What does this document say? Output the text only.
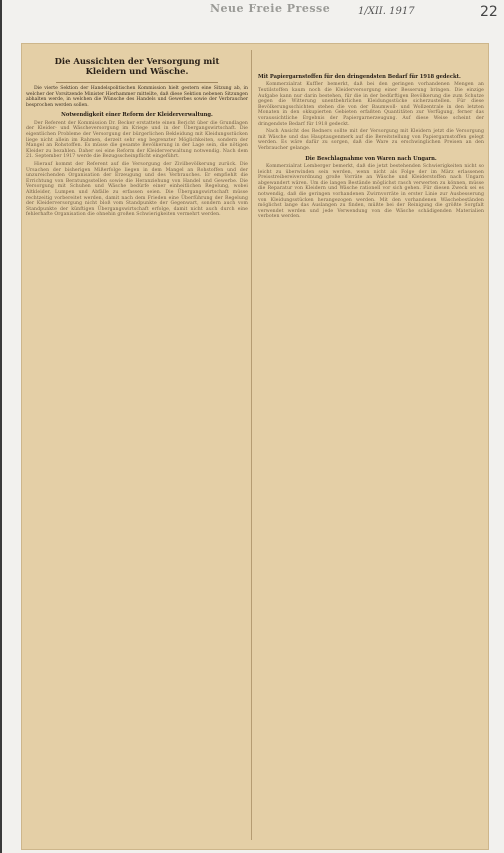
Neue Freie Presse	1/XII. 1917	22
Die Aussichten der Versorgung mit Kleidern und Wäsche.

Die vierte Sektion der Handelspolitischen Kommission hielt gestern eine Sitzung ab, in welcher der Vorsitzende Minister Hierhammer mitteilte, daß diese Sektion nebenen Sitzungen abhalten werde, in welchen die Wünsche des Handels und Gewerbes sowie der Verbraucher besprochen werden sollen.

Notwendigkeit einer Reform der Kleiderverwaltung.

Der Referent der Kommission Dr. Becker erstattete einen Bericht über die Grundlagen der Kleider- und Wäscheversorgung im Kriege und in der Übergangswirtschaft. Die eigentlichen Probleme der Versorgung der bürgerlichen Bekleidung mit Kleidungsstücken liege nicht allein im Rahmen, derzeit sehr eng begrenzter Möglichkeiten, sondern der Mangel an Rohstoffen. Es müsse die gesamte Bevölkerung in der Lage sein, die nötigen Kleider zu bezahlen. Daher sei eine Reform der Kleiderverwaltung notwendig. Nach dem 21. September 1917 werde die Bezugsscheinpflicht eingeführt.

Hierauf kommt der Referent auf die Versorgung der Zivilbevölkerung zurück. Die Ursachen der bisherigen Mißerfolge liegen in dem Mangel an Rohstoffen und der unzureichenden Organisation der Erzeugung und des Verbrauches. Er empfiehlt die Errichtung von Beratungsstellen sowie die Heranziehung von Handel und Gewerbe. Die Versorgung mit Schuhen und Wäsche bedürfe einer einheitlichen Regelung, wobei Altkleider, Lumpen und Abfälle zu erfassen seien. Die Übergangswirtschaft müsse rechtzeitig vorbereitet werden, damit nach dem Frieden eine Überführung der Regelung der Kleiderversorgung nicht bloß vom Standpunkte der Gegenwart, sondern auch vom Standpunkte der künftigen Übergangswirtschaft erfolge, damit nicht auch durch eine fehlerhafte Organisation die ohnehin großen Schwierigkeiten vermehrt werden.

Mit Papiergarnstoffen für den dringendsten Bedarf für 1918 gedeckt.

Kommerzialrat Kuffler bemerkt, daß bei den geringen vorhandenen Mengen an Textilstoffen kaum noch die Kleiderversorgung einer Besserung bringen. Die einzige Aufgabe kann nur darin bestehen, für die in der bedürftigen Bevölkerung die zum Schutze gegen die Witterung unentbehrlichen Kleidungsstücke sicherzustellen. Für diese Bevölkerungsschichten stehen die von der Baumwoll- und Wollzentrale in den letzten Monaten in den okkupierten Gebieten erfaßten Quantitäten zur Verfügung, ferner das voraussichtliche Ergebnis der Papiergarnerzeugung. Auf diese Weise scheint der dringendste Bedarf für 1918 gedeckt.

Nach Ansicht des Redners sollte mit der Versorgung mit Kleidern jetzt die Versorgung mit Wäsche und das Hauptaugenmerk auf die Bereitstellung von Papiergarnstoffen gelegt werden. Es wäre dafür zu sorgen, daß die Ware zu erschwinglichen Preisen an den Verbraucher gelange.

Die Beschlagnahme von Waren nach Ungarn.

Kommerzialrat Lemberger bemerkt, daß die jetzt bestehenden Schwierigkeiten nicht so leicht zu überwinden sein werden, wenn nicht als Folge der im März erlassenen Preisstreibereiverordnung große Vorräte an Wäsche und Kleiderstoffen nach Ungarn abgewandert wären. Um die langen Bestände möglichst rasch verwerten zu können, müsse die Reparatur von Kleidern und Wäsche rationell vor sich gehen. Für diesen Zweck sei es notwendig, daß die geringen vorhandenen Zwirnvorräte in erster Linie zur Ausbesserung von Kleidungsstücken herangezogen werden. Mit den vorhandenen Wäschebeständen möglichst lange das Auslangen zu finden, müßte bei der Reinigung die größte Sorgfalt verwendet werden und jede Verwendung von die Wäsche schädigenden Materialien verboten werden.
